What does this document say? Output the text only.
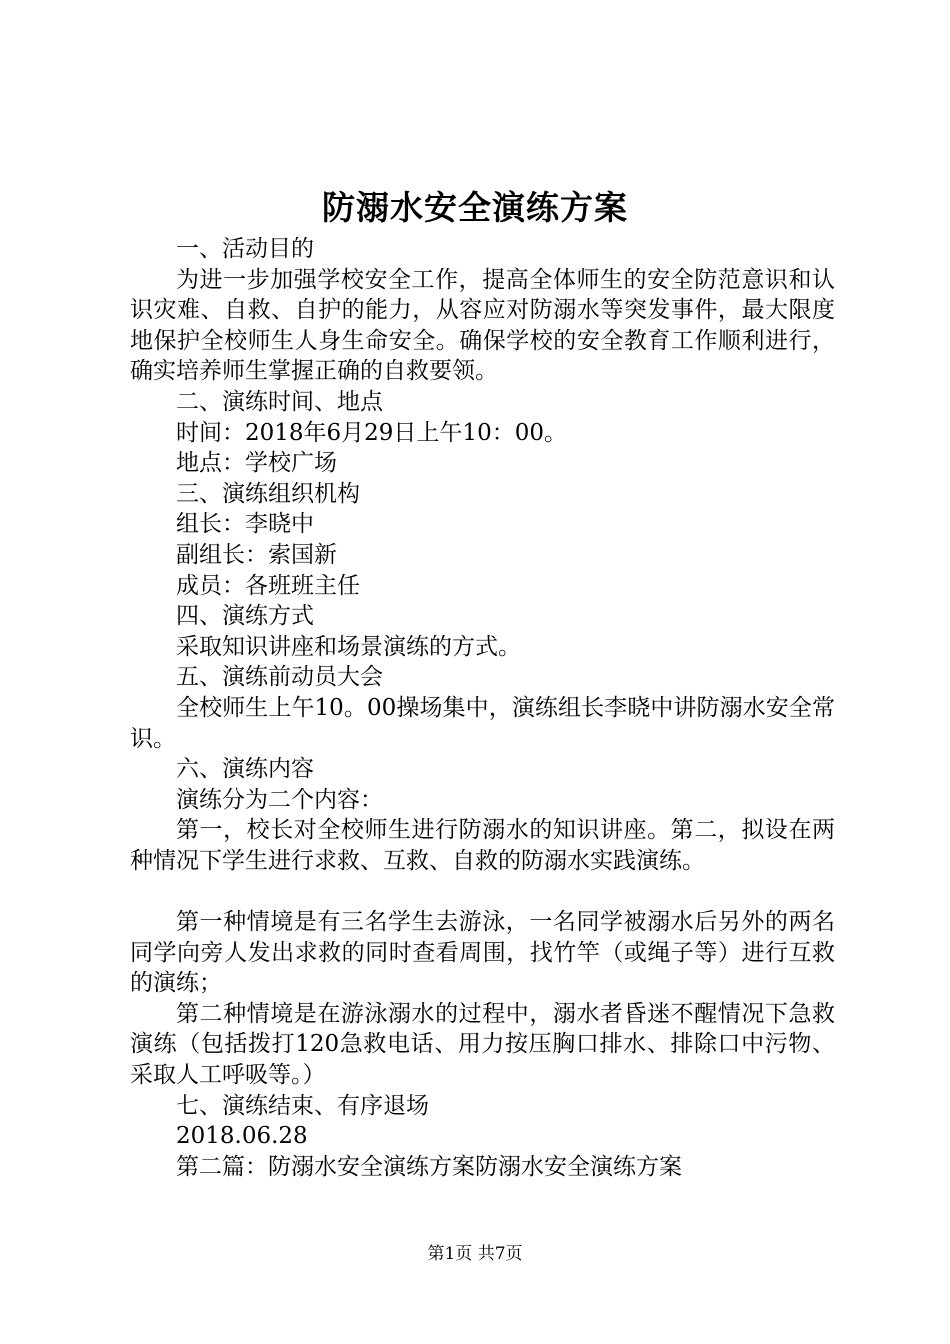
防溺水安全演练方案

一、活动目的

为进一步加强学校安全工作，提高全体师生的安全防范意识和认识灾难、自救、自护的能力，从容应对防溺水等突发事件，最大限度地保护全校师生人身生命安全。确保学校的安全教育工作顺利进行，确实培养师生掌握正确的自救要领。

二、演练时间、地点

时间：2018年6月29日上午10：00。

地点：学校广场

三、演练组织机构

组长：李晓中

副组长：索国新

成员：各班班主任

四、演练方式

采取知识讲座和场景演练的方式。

五、演练前动员大会

全校师生上午10。00操场集中，演练组长李晓中讲防溺水安全常识。

六、演练内容

演练分为二个内容：

第一，校长对全校师生进行防溺水的知识讲座。第二，拟设在两种情况下学生进行求救、互救、自救的防溺水实践演练。

第一种情境是有三名学生去游泳，一名同学被溺水后另外的两名同学向旁人发出求救的同时查看周围，找竹竿（或绳子等）进行互救的演练；

第二种情境是在游泳溺水的过程中，溺水者昏迷不醒情况下急救演练（包括拨打120急救电话、用力按压胸口排水、排除口中污物、采取人工呼吸等。）

七、演练结束、有序退场

2018.06.28

第二篇：防溺水安全演练方案防溺水安全演练方案

第1页 共7页
